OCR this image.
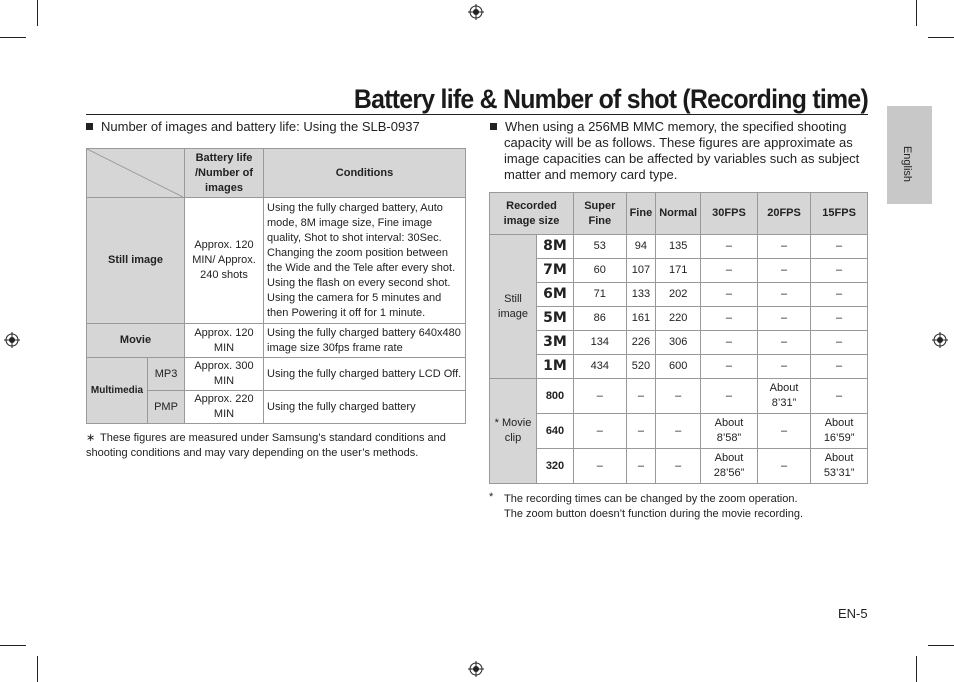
Battery life & Number of shot (Recording time)
English
Number of images and battery life: Using the SLB-0937
	Battery life /Number of images	Conditions
Still image		Approx. 120 MIN/ Approx. 240 shots	Using the fully charged battery, Auto mode, 8M image size, Fine image quality, Shot to shot interval: 30Sec. Changing the zoom position between the Wide and the Tele after every shot. Using the flash on every second shot. Using the camera for 5 minutes and then Powering it off for 1 minute.
Movie		Approx. 120 MIN	Using the fully charged battery 640x480 image size 30fps frame rate
Multimedia	MP3	Approx. 300 MIN	Using the fully charged battery LCD Off.
	PMP	Approx. 220 MIN	Using the fully charged battery
∗ These figures are measured under Samsung’s standard conditions and shooting conditions and may vary depending on the user’s methods.
When using a 256MB MMC memory, the specified shooting capacity will be as follows. These figures are approximate as image capacities can be affected by variables such as subject matter and memory card type.
Recorded image size		Super Fine	Fine	Normal	30FPS	20FPS	15FPS
Still image	8M	53	94	135	–	–	–
	7M	60	107	171	–	–	–
	6M	71	133	202	–	–	–
	5M	86	161	220	–	–	–
	3M	134	226	306	–	–	–
	1M	434	520	600	–	–	–
* Movie clip	800	–	–	–	–	About 8’31”	–
	640	–	–	–	About 8’58”	–	About 16’59”
	320	–	–	–	About 28’56”	–	About 53’31”
* The recording times can be changed by the zoom operation.
The zoom button doesn’t function during the movie recording.
EN-5
